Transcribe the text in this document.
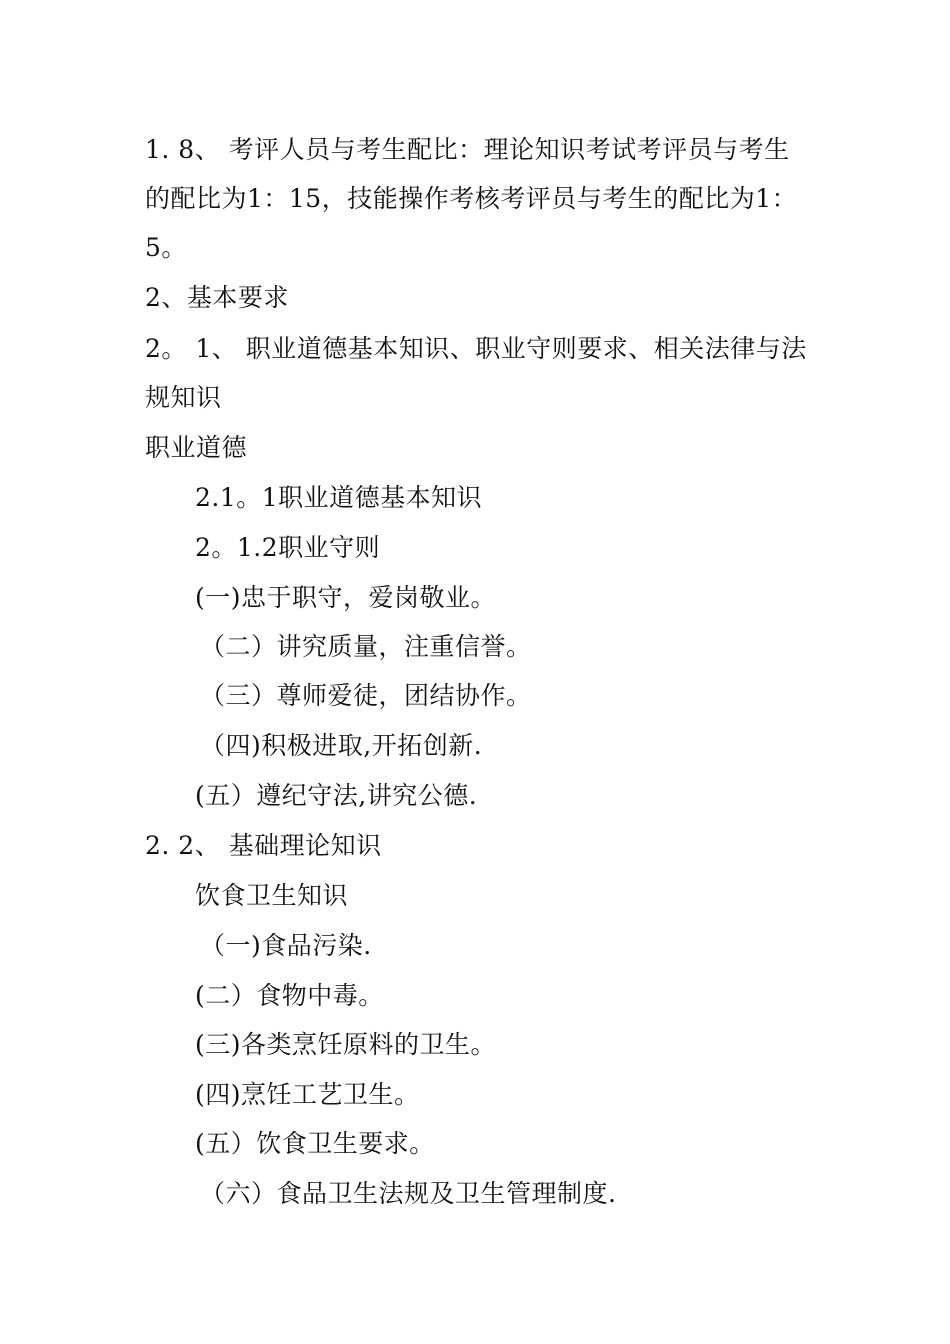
1. 8、 考评人员与考生配比：理论知识考试考评员与考生
的配比为1：15，技能操作考核考评员与考生的配比为1：
5。
2、基本要求
2。 1、 职业道德基本知识、职业守则要求、相关法律与法
规知识
职业道德
2.1。1职业道德基本知识
2。1.2职业守则
(一)忠于职守，爱岗敬业。
（二）讲究质量，注重信誉。
（三）尊师爱徒，团结协作。
（四)积极进取,开拓创新.
(五）遵纪守法,讲究公德.
2. 2、 基础理论知识
饮食卫生知识
（一)食品污染.
(二）食物中毒。
(三)各类烹饪原料的卫生。
(四)烹饪工艺卫生。
(五）饮食卫生要求。
（六）食品卫生法规及卫生管理制度.
